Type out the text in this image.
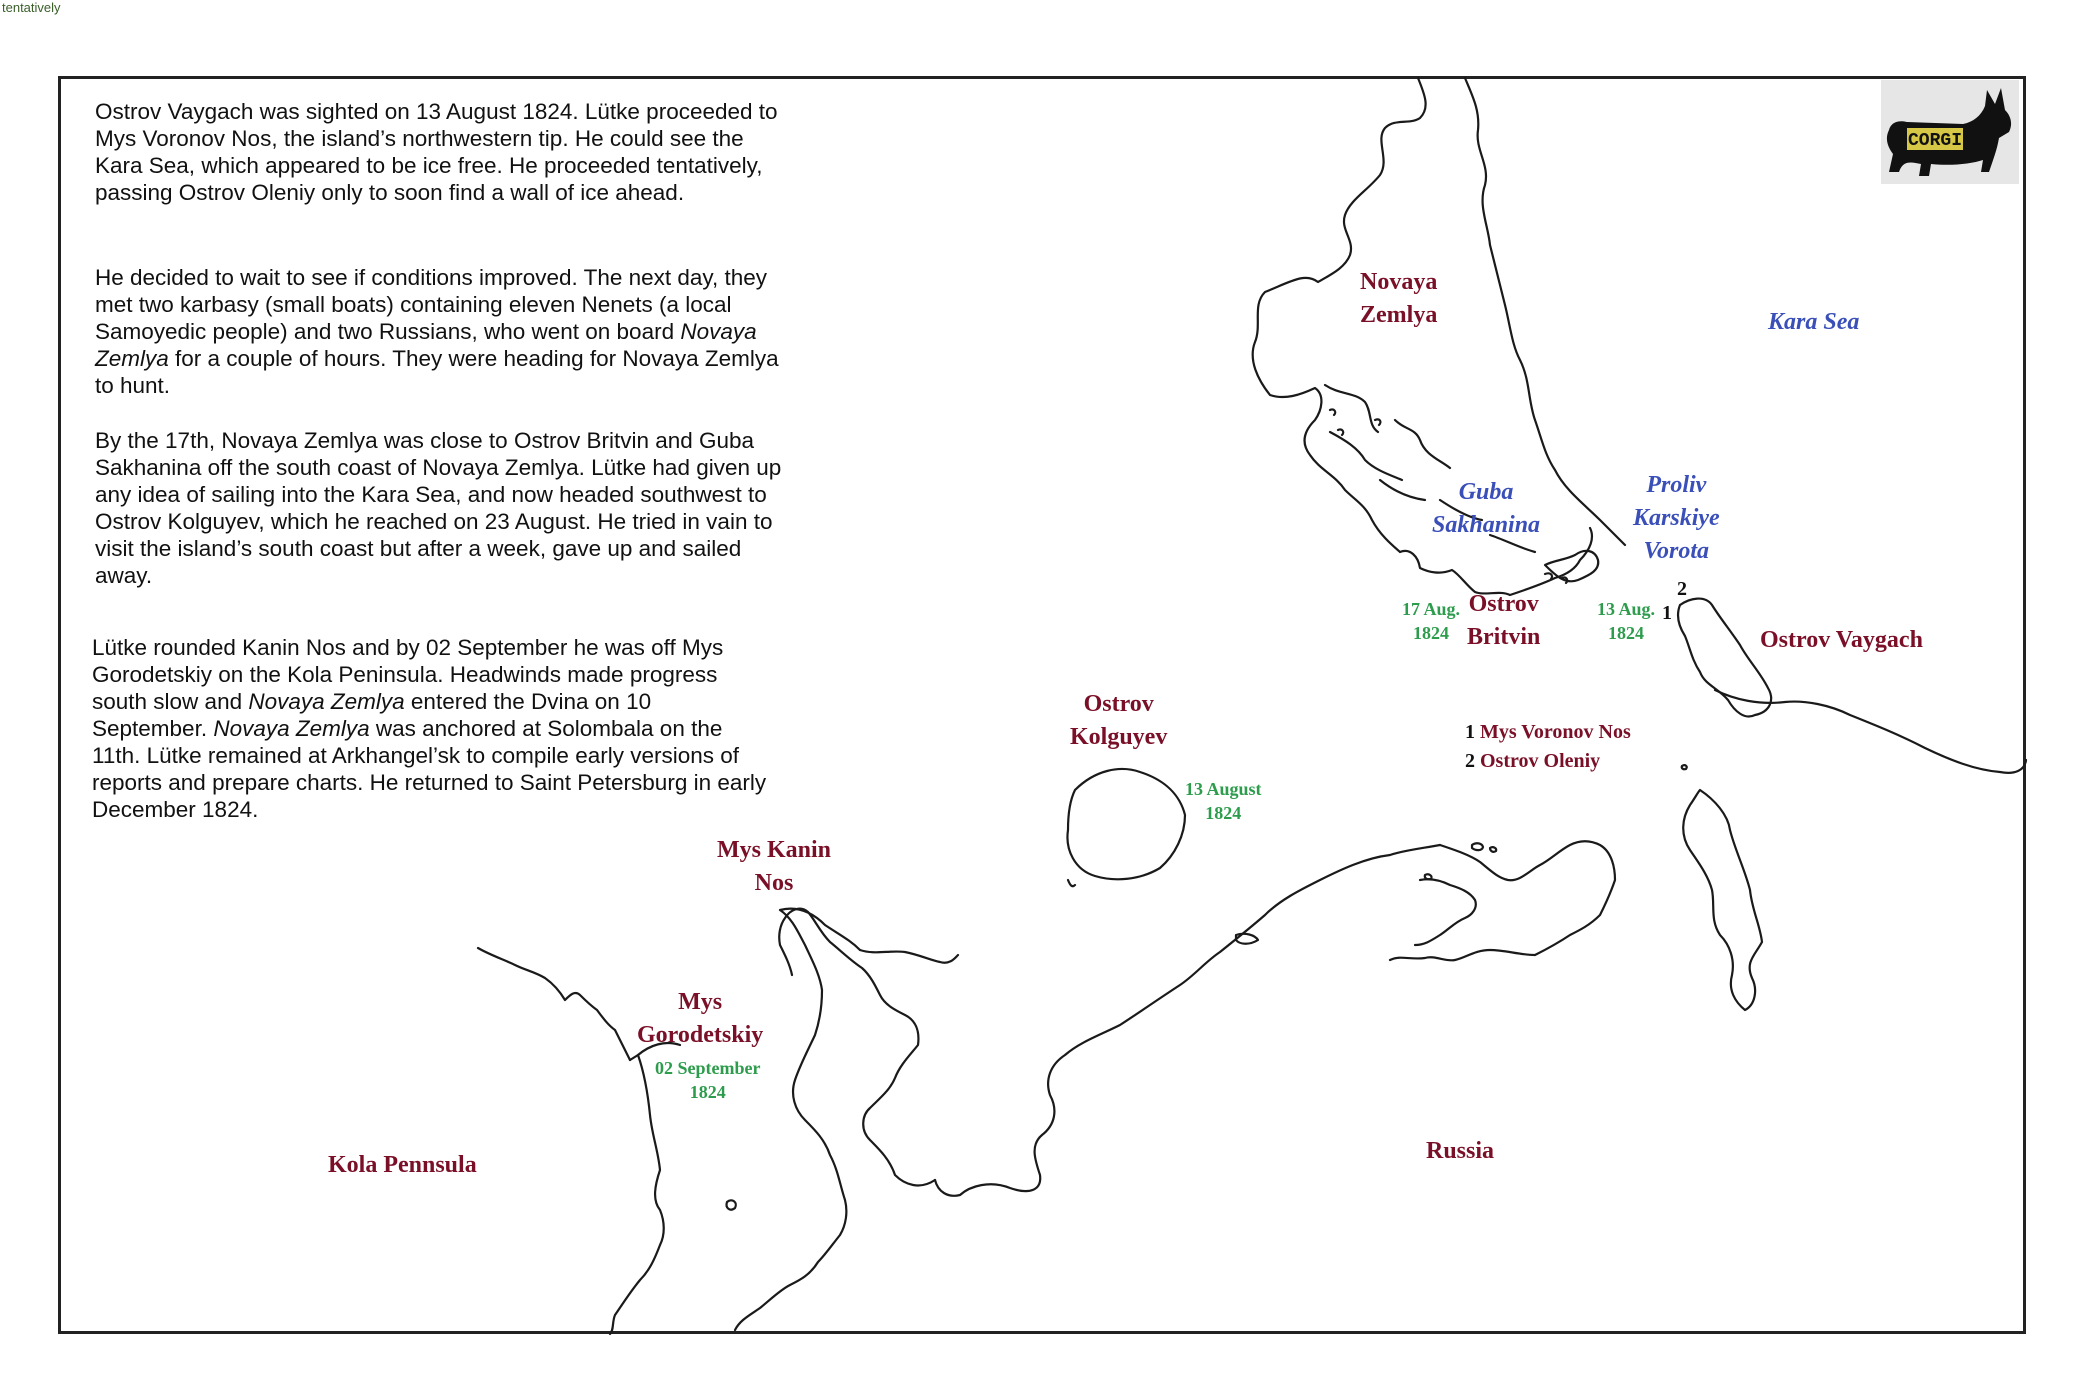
tentatively

Ostrov Vaygach was sighted on 13 August 1824. Lütke proceeded to Mys Voronov Nos, the island’s northwestern tip. He could see the Kara Sea, which appeared to be ice free. He proceeded tentatively, passing Ostrov Oleniy only to soon find a wall of ice ahead.

He decided to wait to see if conditions improved. The next day, they met two karbasy (small boats) containing eleven Nenets (a local Samoyedic people) and two Russians, who went on board Novaya Zemlya for a couple of hours. They were heading for Novaya Zemlya to hunt.

By the 17th, Novaya Zemlya was close to Ostrov Britvin and Guba Sakhanina off the south coast of Novaya Zemlya. Lütke had given up any idea of sailing into the Kara Sea, and now headed southwest to Ostrov Kolguyev, which he reached on 23 August. He tried in vain to visit the island’s south coast but after a week, gave up and sailed away.

Lütke rounded Kanin Nos and by 02 September he was off Mys Gorodetskiy on the Kola Peninsula. Headwinds made progress south slow and Novaya Zemlya entered the Dvina on 10 September. Novaya Zemlya was anchored at Solombala on the 11th. Lütke remained at Arkhangel’sk to compile early versions of reports and prepare charts. He returned to Saint Petersburg in early December 1824.

Novaya
Zemlya	Kara Sea
Guba
Sakhanina
Proliv
Karskiye
Vorota
Ostrov
Britvin	Ostrov Vaygach
Ostrov
Kolguyev
Mys Kanin
Nos
Mys
Gorodetskiy
Kola Pennsula
Russia
17 Aug.
1824
13 Aug.
1824
13 August
1824
02 September
1824
2
1
1 Mys Voronov Nos
2 Ostrov Oleniy
CORGI
